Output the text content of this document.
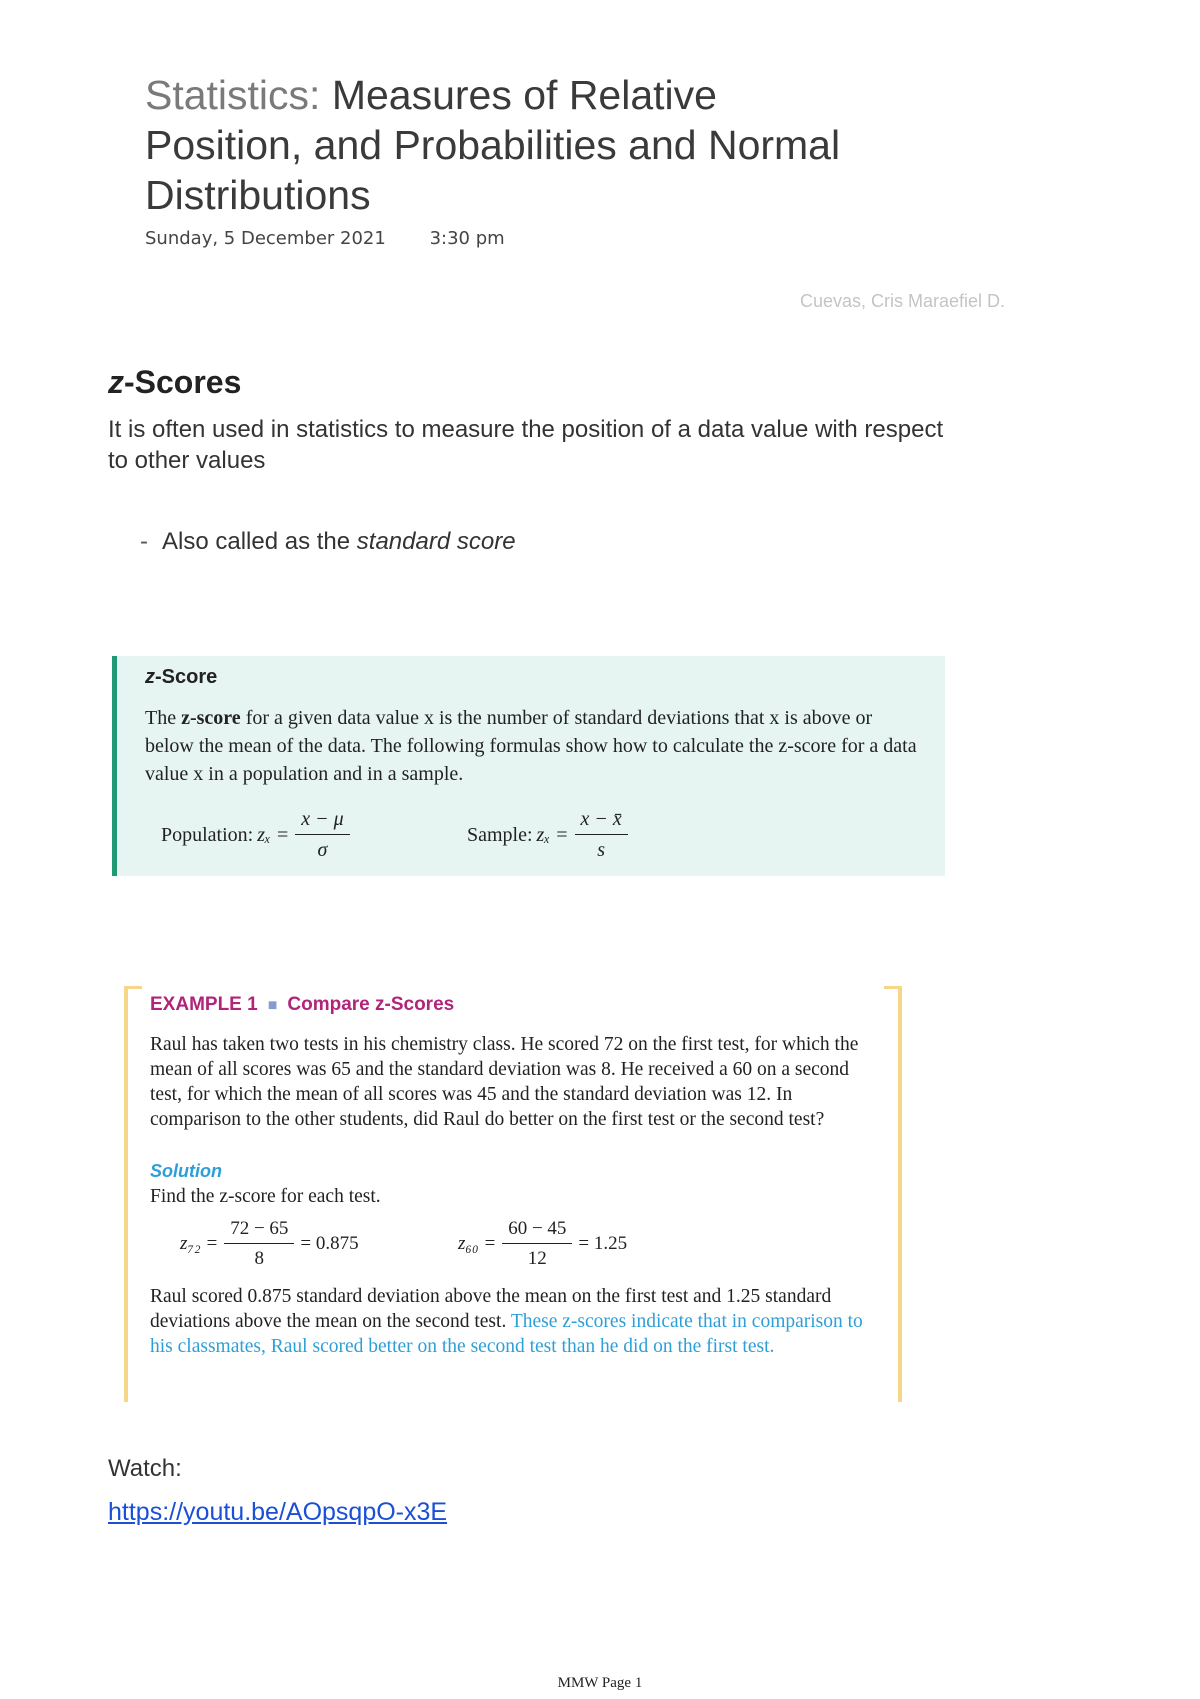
Statistics: Measures of Relative Position, and Probabilities and Normal Distributions
Sunday, 5 December 2021 3:30 pm
Cuevas, Cris Maraefiel D.
z-Scores
It is often used in statistics to measure the position of a data value with respect to other values
- Also called as the standard score
z-Score
The z-score for a given data value x is the number of standard deviations that x is above or below the mean of the data. The following formulas show how to calculate the z-score for a data value x in a population and in a sample.
Population: $z_x = \frac{x - \mu}{\sigma}$	Sample: $z_x = \frac{x - x̄}{s}$
EXAMPLE 1 ■ Compare z-Scores
Raul has taken two tests in his chemistry class. He scored 72 on the first test, for which the mean of all scores was 65 and the standard deviation was 8. He received a 60 on a second test, for which the mean of all scores was 45 and the standard deviation was 12. In comparison to the other students, did Raul do better on the first test or the second test?
Solution
Find the z-score for each test.
$z_{72} = \frac{72 - 65}{8} = 0.875$	$z_{60} = \frac{60 - 45}{12} = 1.25$
Raul scored 0.875 standard deviation above the mean on the first test and 1.25 standard deviations above the mean on the second test. These z-scores indicate that in comparison to his classmates, Raul scored better on the second test than he did on the first test.
Watch:
https://youtu.be/AOpsqpO-x3E
MMW Page 1
